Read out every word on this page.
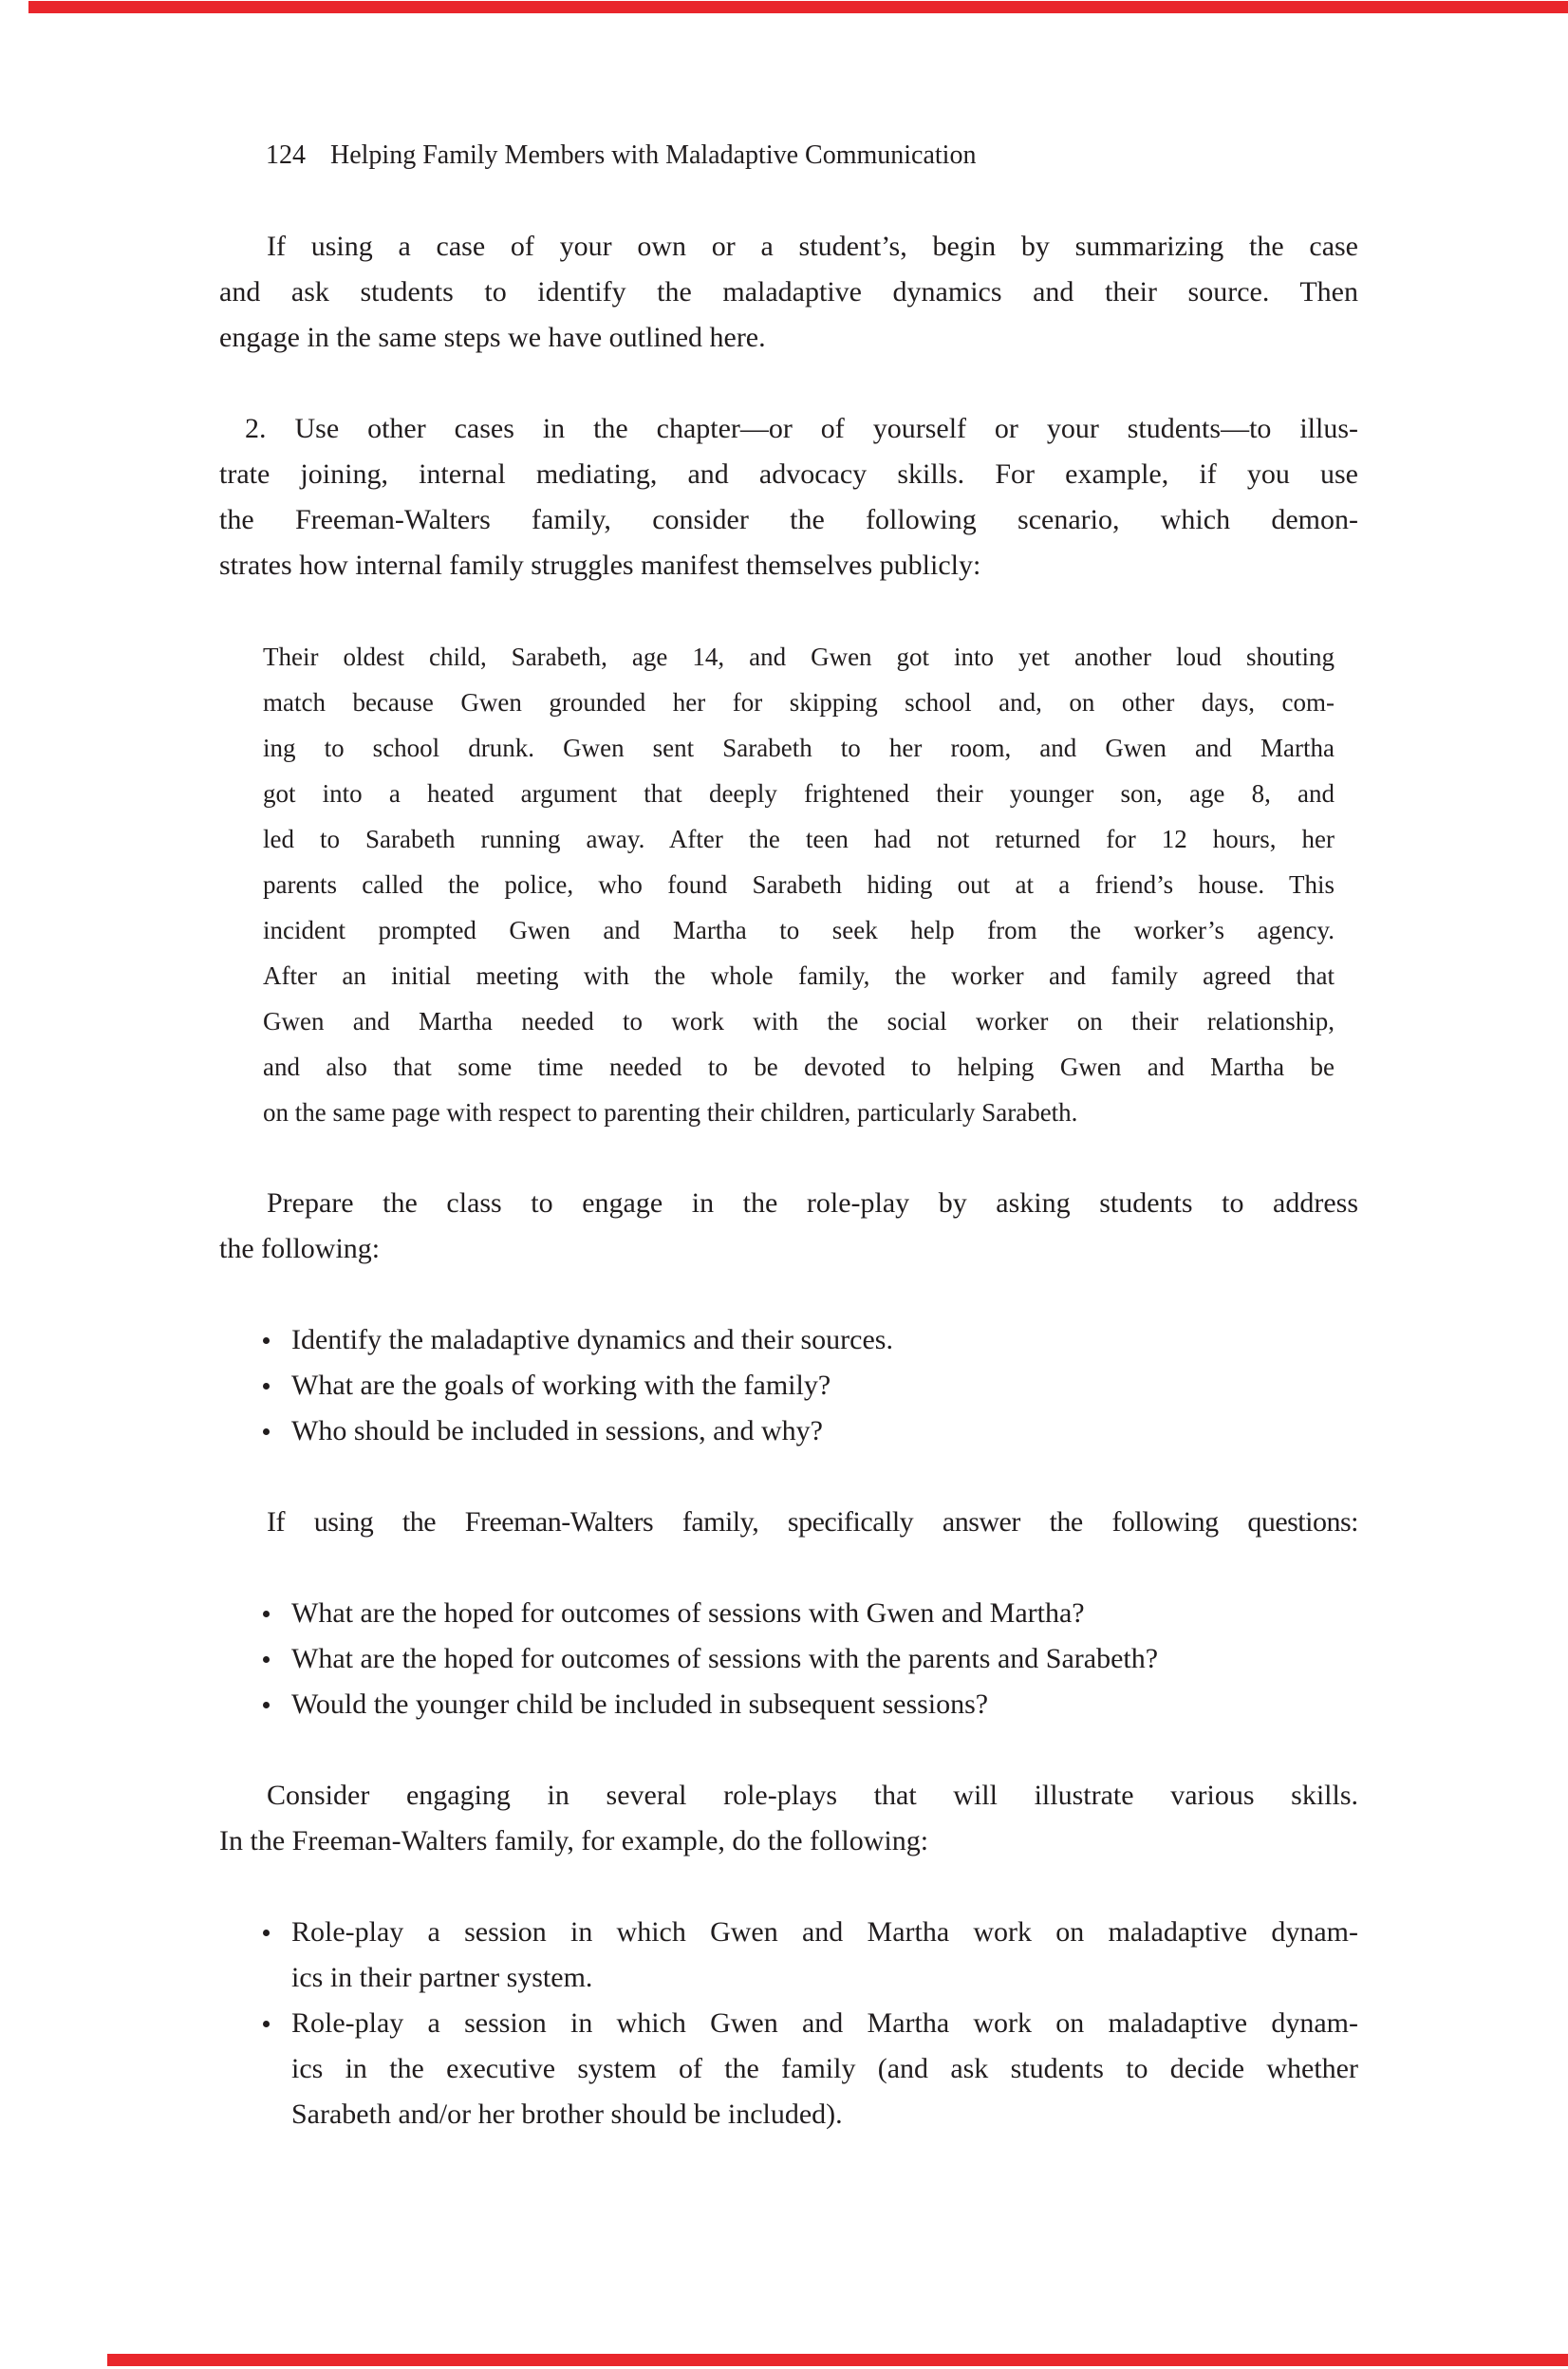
124 Helping Family Members with Maladaptive Communication
If using a case of your own or a student’s, begin by summarizing the case
and ask students to identify the maladaptive dynamics and their source. Then
engage in the same steps we have outlined here.
2. Use other cases in the chapter—or of yourself or your students—to illus-
trate joining, internal mediating, and advocacy skills. For example, if you use
the Freeman-Walters family, consider the following scenario, which demon-
strates how internal family struggles manifest themselves publicly:
Their oldest child, Sarabeth, age 14, and Gwen got into yet another loud shouting
match because Gwen grounded her for skipping school and, on other days, com-
ing to school drunk. Gwen sent Sarabeth to her room, and Gwen and Martha
got into a heated argument that deeply frightened their younger son, age 8, and
led to Sarabeth running away. After the teen had not returned for 12 hours, her
parents called the police, who found Sarabeth hiding out at a friend’s house. This
incident prompted Gwen and Martha to seek help from the worker’s agency.
After an initial meeting with the whole family, the worker and family agreed that
Gwen and Martha needed to work with the social worker on their relationship,
and also that some time needed to be devoted to helping Gwen and Martha be
on the same page with respect to parenting their children, particularly Sarabeth.
Prepare the class to engage in the role-play by asking students to address
the following:
Identify the maladaptive dynamics and their sources.
What are the goals of working with the family?
Who should be included in sessions, and why?
If using the Freeman-Walters family, specifically answer the following questions:
What are the hoped for outcomes of sessions with Gwen and Martha?
What are the hoped for outcomes of sessions with the parents and Sarabeth?
Would the younger child be included in subsequent sessions?
Consider engaging in several role-plays that will illustrate various skills.
In the Freeman-Walters family, for example, do the following:
Role-play a session in which Gwen and Martha work on maladaptive dynam-
ics in their partner system.
Role-play a session in which Gwen and Martha work on maladaptive dynam-
ics in the executive system of the family (and ask students to decide whether
Sarabeth and/or her brother should be included).
